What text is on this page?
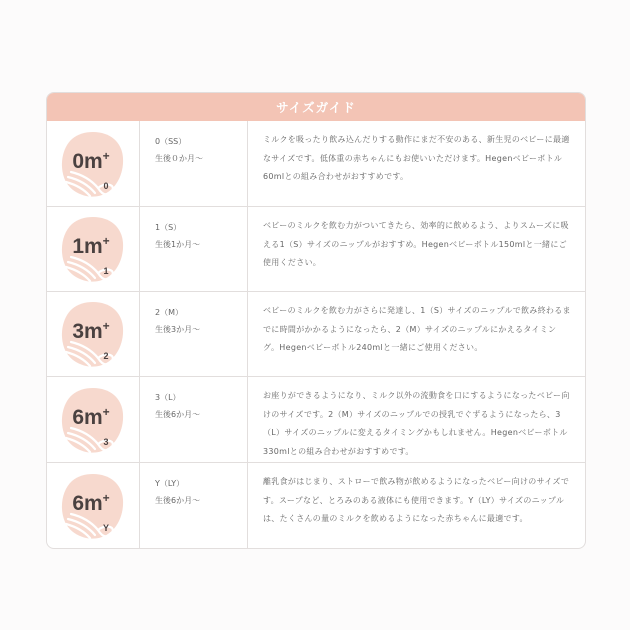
サイズガイド
0m+
0
0（SS）
生後０か月～
ミルクを吸ったり飲み込んだりする動作にまだ不安のある、新生児のベビーに最適なサイズです。低体重の赤ちゃんにもお使いいただけます。Hegenベビーボトル60mlとの組み合わせがおすすめです。
1m+
1
1（S）
生後1か月～
ベビーのミルクを飲む力がついてきたら、効率的に飲めるよう、よりスムーズに吸える1（S）サイズのニップルがおすすめ。Hegenベビーボトル150mlと一緒にご使用ください。
3m+
2
2（M）
生後3か月～
ベビーのミルクを飲む力がさらに発達し、1（S）サイズのニップルで飲み終わるまでに時間がかかるようになったら、2（M）サイズのニップルにかえるタイミング。Hegenベビーボトル240mlと一緒にご使用ください。
6m+
3
3（L）
生後6か月～
お座りができるようになり、ミルク以外の流動食を口にするようになったベビー向けのサイズです。2（M）サイズのニップルでの授乳でぐずるようになったら、3（L）サイズのニップルに変えるタイミングかもしれません。Hegenベビーボトル330mlとの組み合わせがおすすめです。
6m+
Y
Y（LY）
生後6か月～
離乳食がはじまり、ストローで飲み物が飲めるようになったベビー向けのサイズです。スープなど、とろみのある液体にも使用できます。Y（LY）サイズのニップルは、たくさんの量のミルクを飲めるようになった赤ちゃんに最適です。
